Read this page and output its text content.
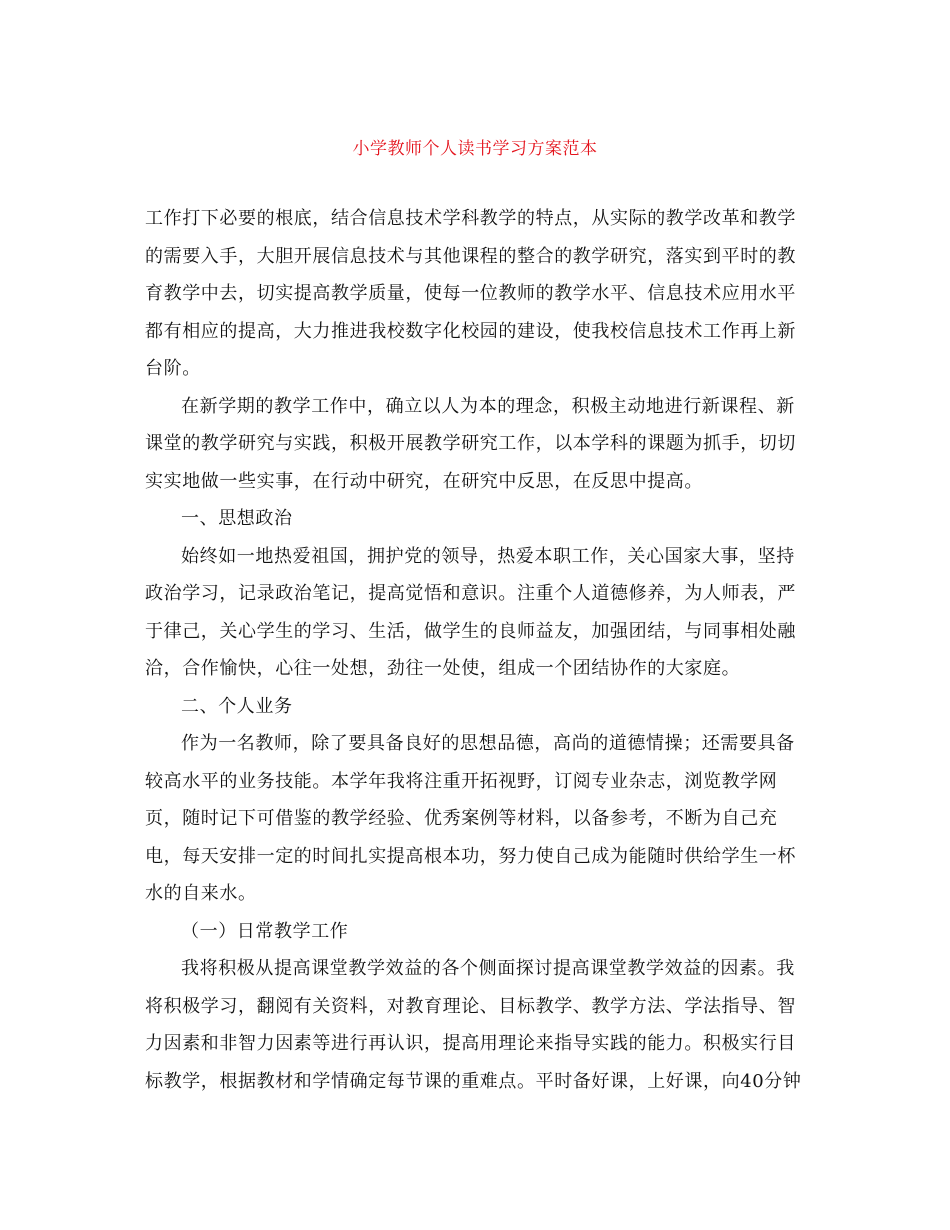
小学教师个人读书学习方案范本

工作打下必要的根底，结合信息技术学科教学的特点，从实际的教学改革和教学的需要入手，大胆开展信息技术与其他课程的整合的教学研究，落实到平时的教育教学中去，切实提高教学质量，使每一位教师的教学水平、信息技术应用水平都有相应的提高，大力推进我校数字化校园的建设，使我校信息技术工作再上新台阶。

在新学期的教学工作中，确立以人为本的理念，积极主动地进行新课程、新课堂的教学研究与实践，积极开展教学研究工作，以本学科的课题为抓手，切切实实地做一些实事，在行动中研究，在研究中反思，在反思中提高。

一、思想政治

始终如一地热爱祖国，拥护党的领导，热爱本职工作，关心国家大事，坚持政治学习，记录政治笔记，提高觉悟和意识。注重个人道德修养，为人师表，严于律己，关心学生的学习、生活，做学生的良师益友，加强团结，与同事相处融洽，合作愉快，心往一处想，劲往一处使，组成一个团结协作的大家庭。

二、个人业务

作为一名教师，除了要具备良好的思想品德，高尚的道德情操；还需要具备较高水平的业务技能。本学年我将注重开拓视野，订阅专业杂志，浏览教学网页，随时记下可借鉴的教学经验、优秀案例等材料，以备参考，不断为自己充电，每天安排一定的时间扎实提高根本功，努力使自己成为能随时供给学生一杯水的自来水。

（一）日常教学工作

我将积极从提高课堂教学效益的各个侧面探讨提高课堂教学效益的因素。我将积极学习，翻阅有关资料，对教育理论、目标教学、教学方法、学法指导、智力因素和非智力因素等进行再认识，提高用理论来指导实践的能力。积极实行目标教学，根据教材和学情确定每节课的重难点。平时备好课，上好课，向40分钟
